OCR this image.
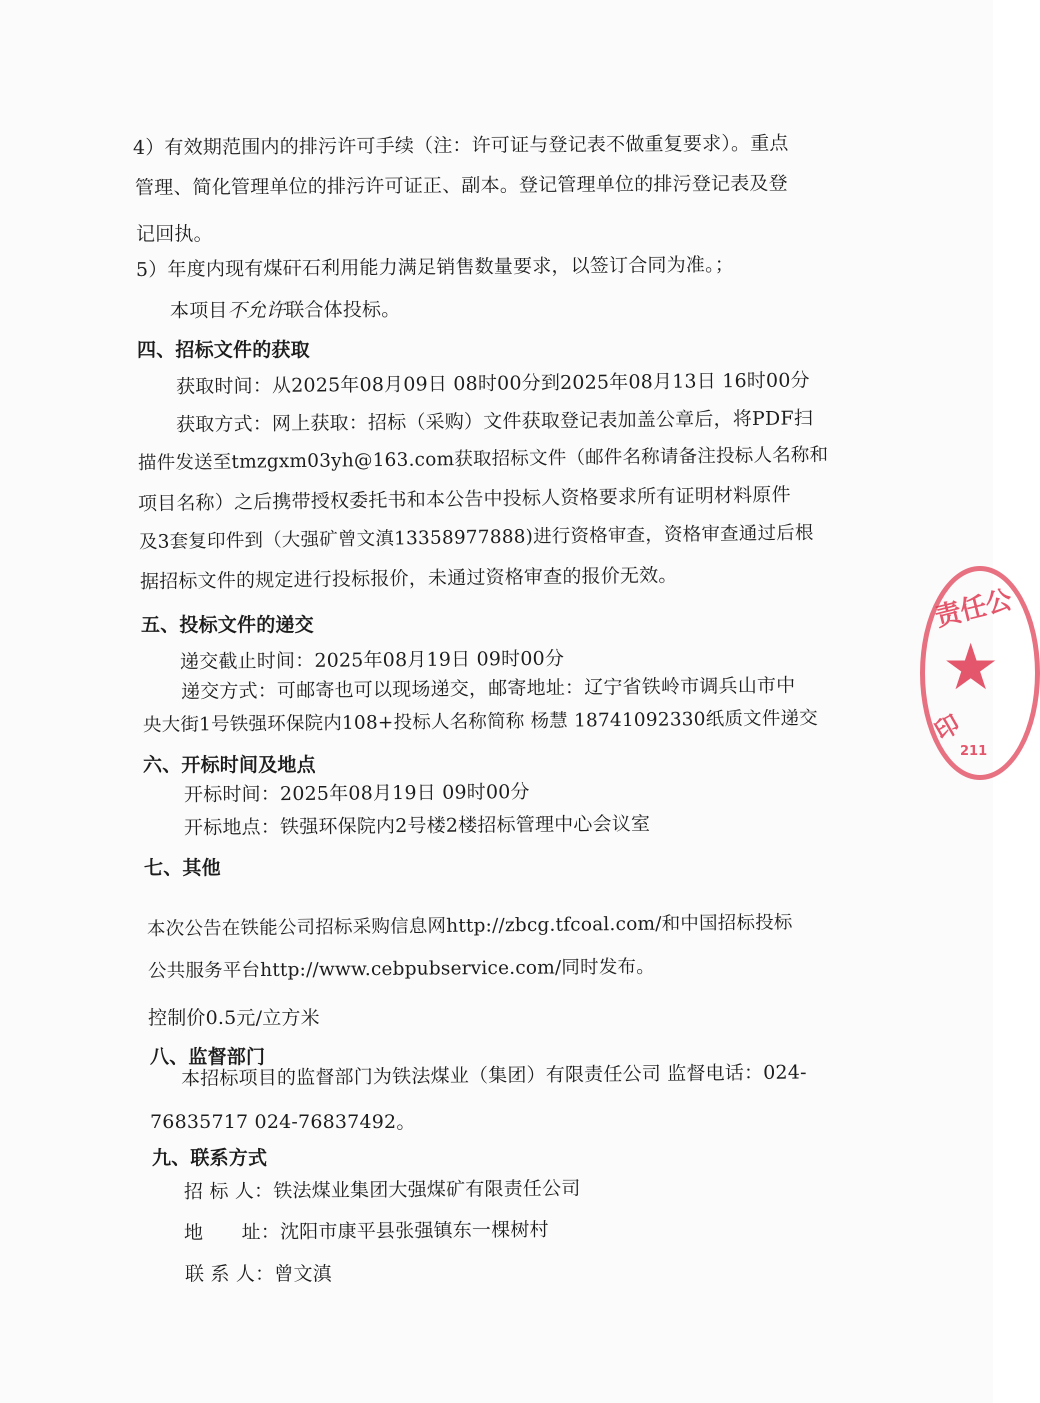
4）有效期范围内的排污许可手续（注：许可证与登记表不做重复要求）。重点
管理、简化管理单位的排污许可证正、副本。登记管理单位的排污登记表及登
记回执。
5）年度内现有煤矸石利用能力满足销售数量要求，以签订合同为准。；
本项目不允许联合体投标。
四、招标文件的获取
获取时间：从2025年08月09日 08时00分到2025年08月13日 16时00分
获取方式：网上获取：招标（采购）文件获取登记表加盖公章后，将PDF扫
描件发送至tmzgxm03yh@163.com获取招标文件（邮件名称请备注投标人名称和
项目名称）之后携带授权委托书和本公告中投标人资格要求所有证明材料原件
及3套复印件到（大强矿曾文滇13358977888)进行资格审查，资格审查通过后根
据招标文件的规定进行投标报价，未通过资格审查的报价无效。
五、投标文件的递交
递交截止时间：2025年08月19日 09时00分
递交方式：可邮寄也可以现场递交，邮寄地址：辽宁省铁岭市调兵山市中
央大街1号铁强环保院内108+投标人名称简称 杨慧 18741092330纸质文件递交
六、开标时间及地点
开标时间：2025年08月19日 09时00分
开标地点：铁强环保院内2号楼2楼招标管理中心会议室
七、其他
本次公告在铁能公司招标采购信息网http://zbcg.tfcoal.com/和中国招标投标
公共服务平台http://www.cebpubservice.com/同时发布。
控制价0.5元/立方米
八、监督部门
本招标项目的监督部门为铁法煤业（集团）有限责任公司 监督电话：024-
76835717 024-76837492。
九、联系方式
招 标 人：铁法煤业集团大强煤矿有限责任公司
地　　址：沈阳市康平县张强镇东一棵树村
联 系 人：曾文滇
责任公
★
印
211
